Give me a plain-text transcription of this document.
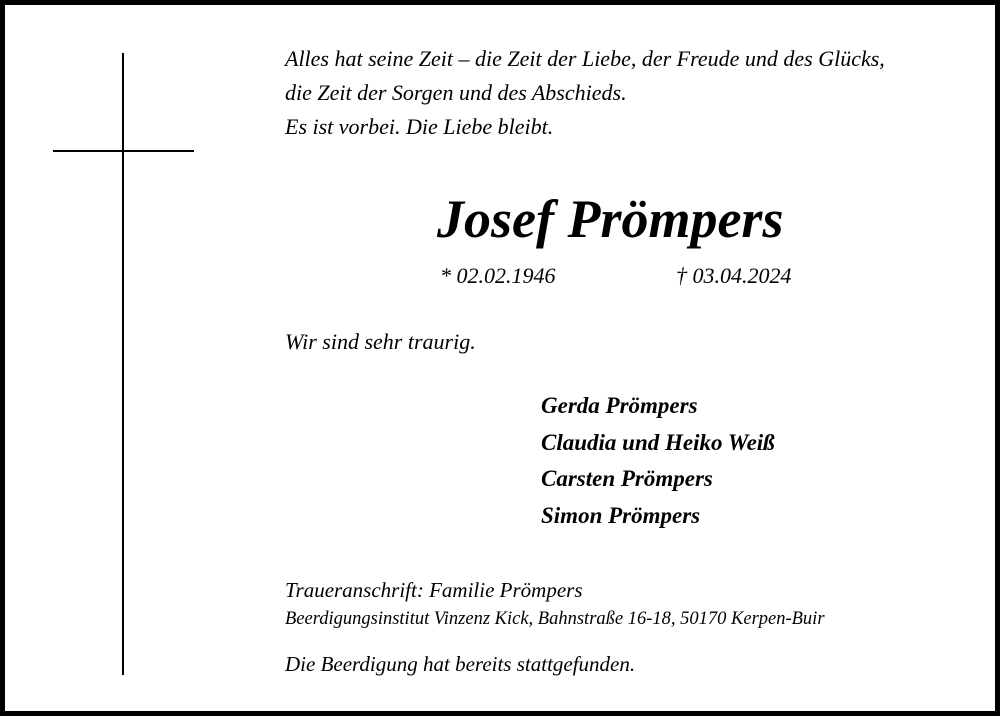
Alles hat seine Zeit – die Zeit der Liebe, der Freude und des Glücks,
die Zeit der Sorgen und des Abschieds.
Es ist vorbei. Die Liebe bleibt.

Josef Prömpers
* 02.02.1946	† 03.04.2024
Wir sind sehr traurig.
Gerda Prömpers
Claudia und Heiko Weiß
Carsten Prömpers
Simon Prömpers
Traueranschrift: Familie Prömpers
Beerdigungsinstitut Vinzenz Kick, Bahnstraße 16-18, 50170 Kerpen-Buir
Die Beerdigung hat bereits stattgefunden.
